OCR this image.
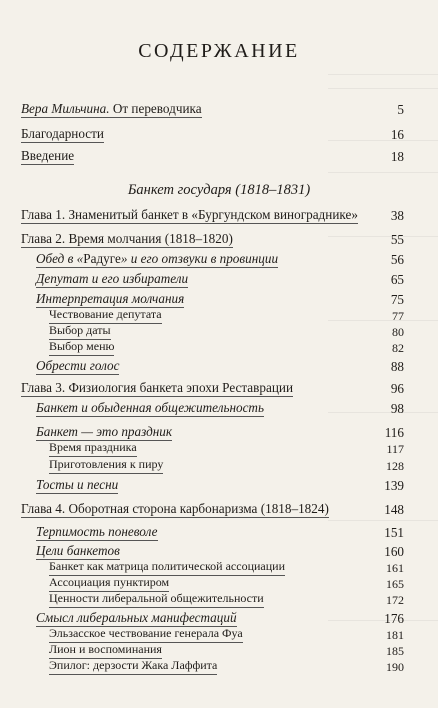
СОДЕРЖАНИЕ
Вера Мильчина. От переводчика	5
Благодарности	16
Введение	18
Банкет государя (1818–1831)
Глава 1. Знаменитый банкет в «Бургундском винограднике» 38
Глава 2. Время молчания (1818–1820)	55
Обед в «Радуге» и его отзвуки в провинции	56
Депутат и его избиратели	65
Интерпретация молчания	75
Чествование депутата	77
Выбор даты	80
Выбор меню	82
Обрести голос	88
Глава 3. Физиология банкета эпохи Реставрации	96
Банкет и обыденная общежительность	98
Банкет — это праздник	116
Время праздника	117
Приготовления к пиру	128
Тосты и песни	139
Глава 4. Оборотная сторона карбонаризма (1818–1824)	148
Терпимость поневоле	151
Цели банкетов	160
Банкет как матрица политической ассоциации	161
Ассоциация пунктиром	165
Ценности либеральной общежительности	172
Смысл либеральных манифестаций	176
Эльзасское чествование генерала Фуа	181
Лион и воспоминания	185
Эпилог: дерзости Жака Лаффита	190
